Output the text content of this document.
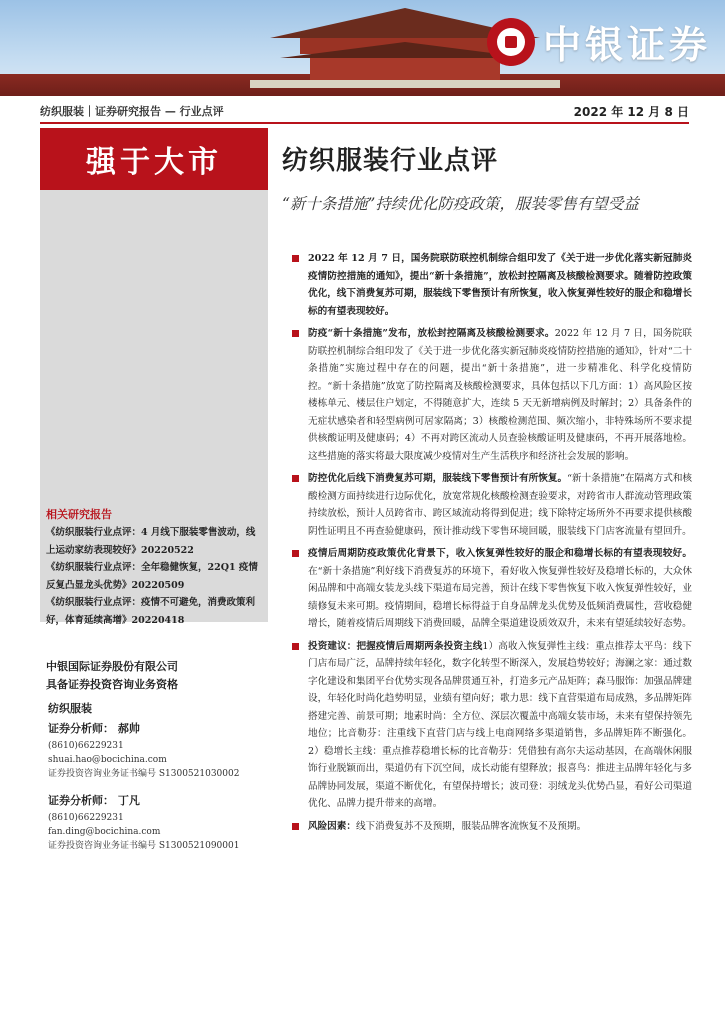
中银证券
纺织服装｜证券研究报告 — 行业点评	2022 年 12 月 8 日
强于大市
相关研究报告
《纺织服装行业点评：4 月线下服装零售波动，线上运动家纺表现较好》20220522
《纺织服装行业点评：全年稳健恢复，22Q1 疫情反复凸显龙头优势》20220509
《纺织服装行业点评：疫情不可避免，消费政策利好，体育延续高增》20220418
中银国际证券股份有限公司
具备证券投资咨询业务资格
纺织服装
证券分析师： 郝帅
(8610)66229231
shuai.hao@bocichina.com
证券投资咨询业务证书编号 S1300521030002
证券分析师： 丁凡
(8610)66229231
fan.ding@bocichina.com
证券投资咨询业务证书编号 S1300521090001
纺织服装行业点评
“新十条措施”持续优化防疫政策，服装零售有望受益
2022 年 12 月 7 日，国务院联防联控机制综合组印发了《关于进一步优化落实新冠肺炎疫情防控措施的通知》，提出“新十条措施”，放松封控隔离及核酸检测要求。随着防控政策优化，线下消费复苏可期，服装线下零售预计有所恢复，收入恢复弹性较好的服企和稳增长标的有望表现较好。
防疫“新十条措施”发布，放松封控隔离及核酸检测要求。2022 年 12 月 7 日，国务院联防联控机制综合组印发了《关于进一步优化落实新冠肺炎疫情防控措施的通知》，针对“二十条措施”实施过程中存在的问题，提出“新十条措施”，进一步精准化、科学化疫情防控。“新十条措施”放宽了防控隔离及核酸检测要求，具体包括以下几方面：1）高风险区按楼栋单元、楼层住户划定，不得随意扩大，连续 5 天无新增病例及时解封；2）具备条件的无症状感染者和轻型病例可居家隔离；3）核酸检测范围、频次缩小，非特殊场所不要求提供核酸证明及健康码；4）不再对跨区流动人员查验核酸证明及健康码，不再开展落地检。这些措施的落实将最大限度减少疫情对生产生活秩序和经济社会发展的影响。
防控优化后线下消费复苏可期，服装线下零售预计有所恢复。“新十条措施”在隔离方式和核酸检测方面持续进行边际优化，放宽常规化核酸检测查验要求，对跨省市人群流动管理政策持续放松，预计人员跨省市、跨区域流动将得到促进；线下除特定场所外不再要求提供核酸阴性证明且不再查验健康码，预计推动线下零售环境回暖，服装线下门店客流量有望回升。
疫情后周期防疫政策优化背景下，收入恢复弹性较好的服企和稳增长标的有望表现较好。在“新十条措施”利好线下消费复苏的环境下，看好收入恢复弹性较好及稳增长标的，大众休闲品牌和中高端女装龙头线下渠道布局完善，预计在线下零售恢复下收入恢复弹性较好，业绩修复未来可期。疫情期间，稳增长标得益于自身品牌龙头优势及低频消费属性，营收稳健增长，随着疫情后周期线下消费回暖，品牌全渠道建设质效双升，未来有望延续较好态势。
投资建议：把握疫情后周期两条投资主线1）高收入恢复弹性主线：重点推荐太平鸟：线下门店布局广泛，品牌持续年轻化，数字化转型不断深入，发展趋势较好；海澜之家：通过数字化建设和集团平台优势实现各品牌贯通互补，打造多元产品矩阵；森马服饰：加强品牌建设，年轻化时尚化趋势明显，业绩有望向好；歌力思：线下直营渠道布局成熟，多品牌矩阵搭建完善、前景可期；地素时尚：全方位、深层次覆盖中高端女装市场，未来有望保持领先地位；比音勒芬：注重线下直营门店与线上电商网络多渠道销售，多品牌矩阵不断强化。2）稳增长主线：重点推荐稳增长标的比音勒芬：凭借独有高尔夫运动基因，在高端休闲服饰行业脱颖而出，渠道仍有下沉空间，成长动能有望释放；报喜鸟：推进主品牌年轻化与多品牌协同发展，渠道不断优化，有望保持增长；波司登：羽绒龙头优势凸显，看好公司渠道优化、品牌力提升带来的高增。
风险因素：线下消费复苏不及预期，服装品牌客流恢复不及预期。
